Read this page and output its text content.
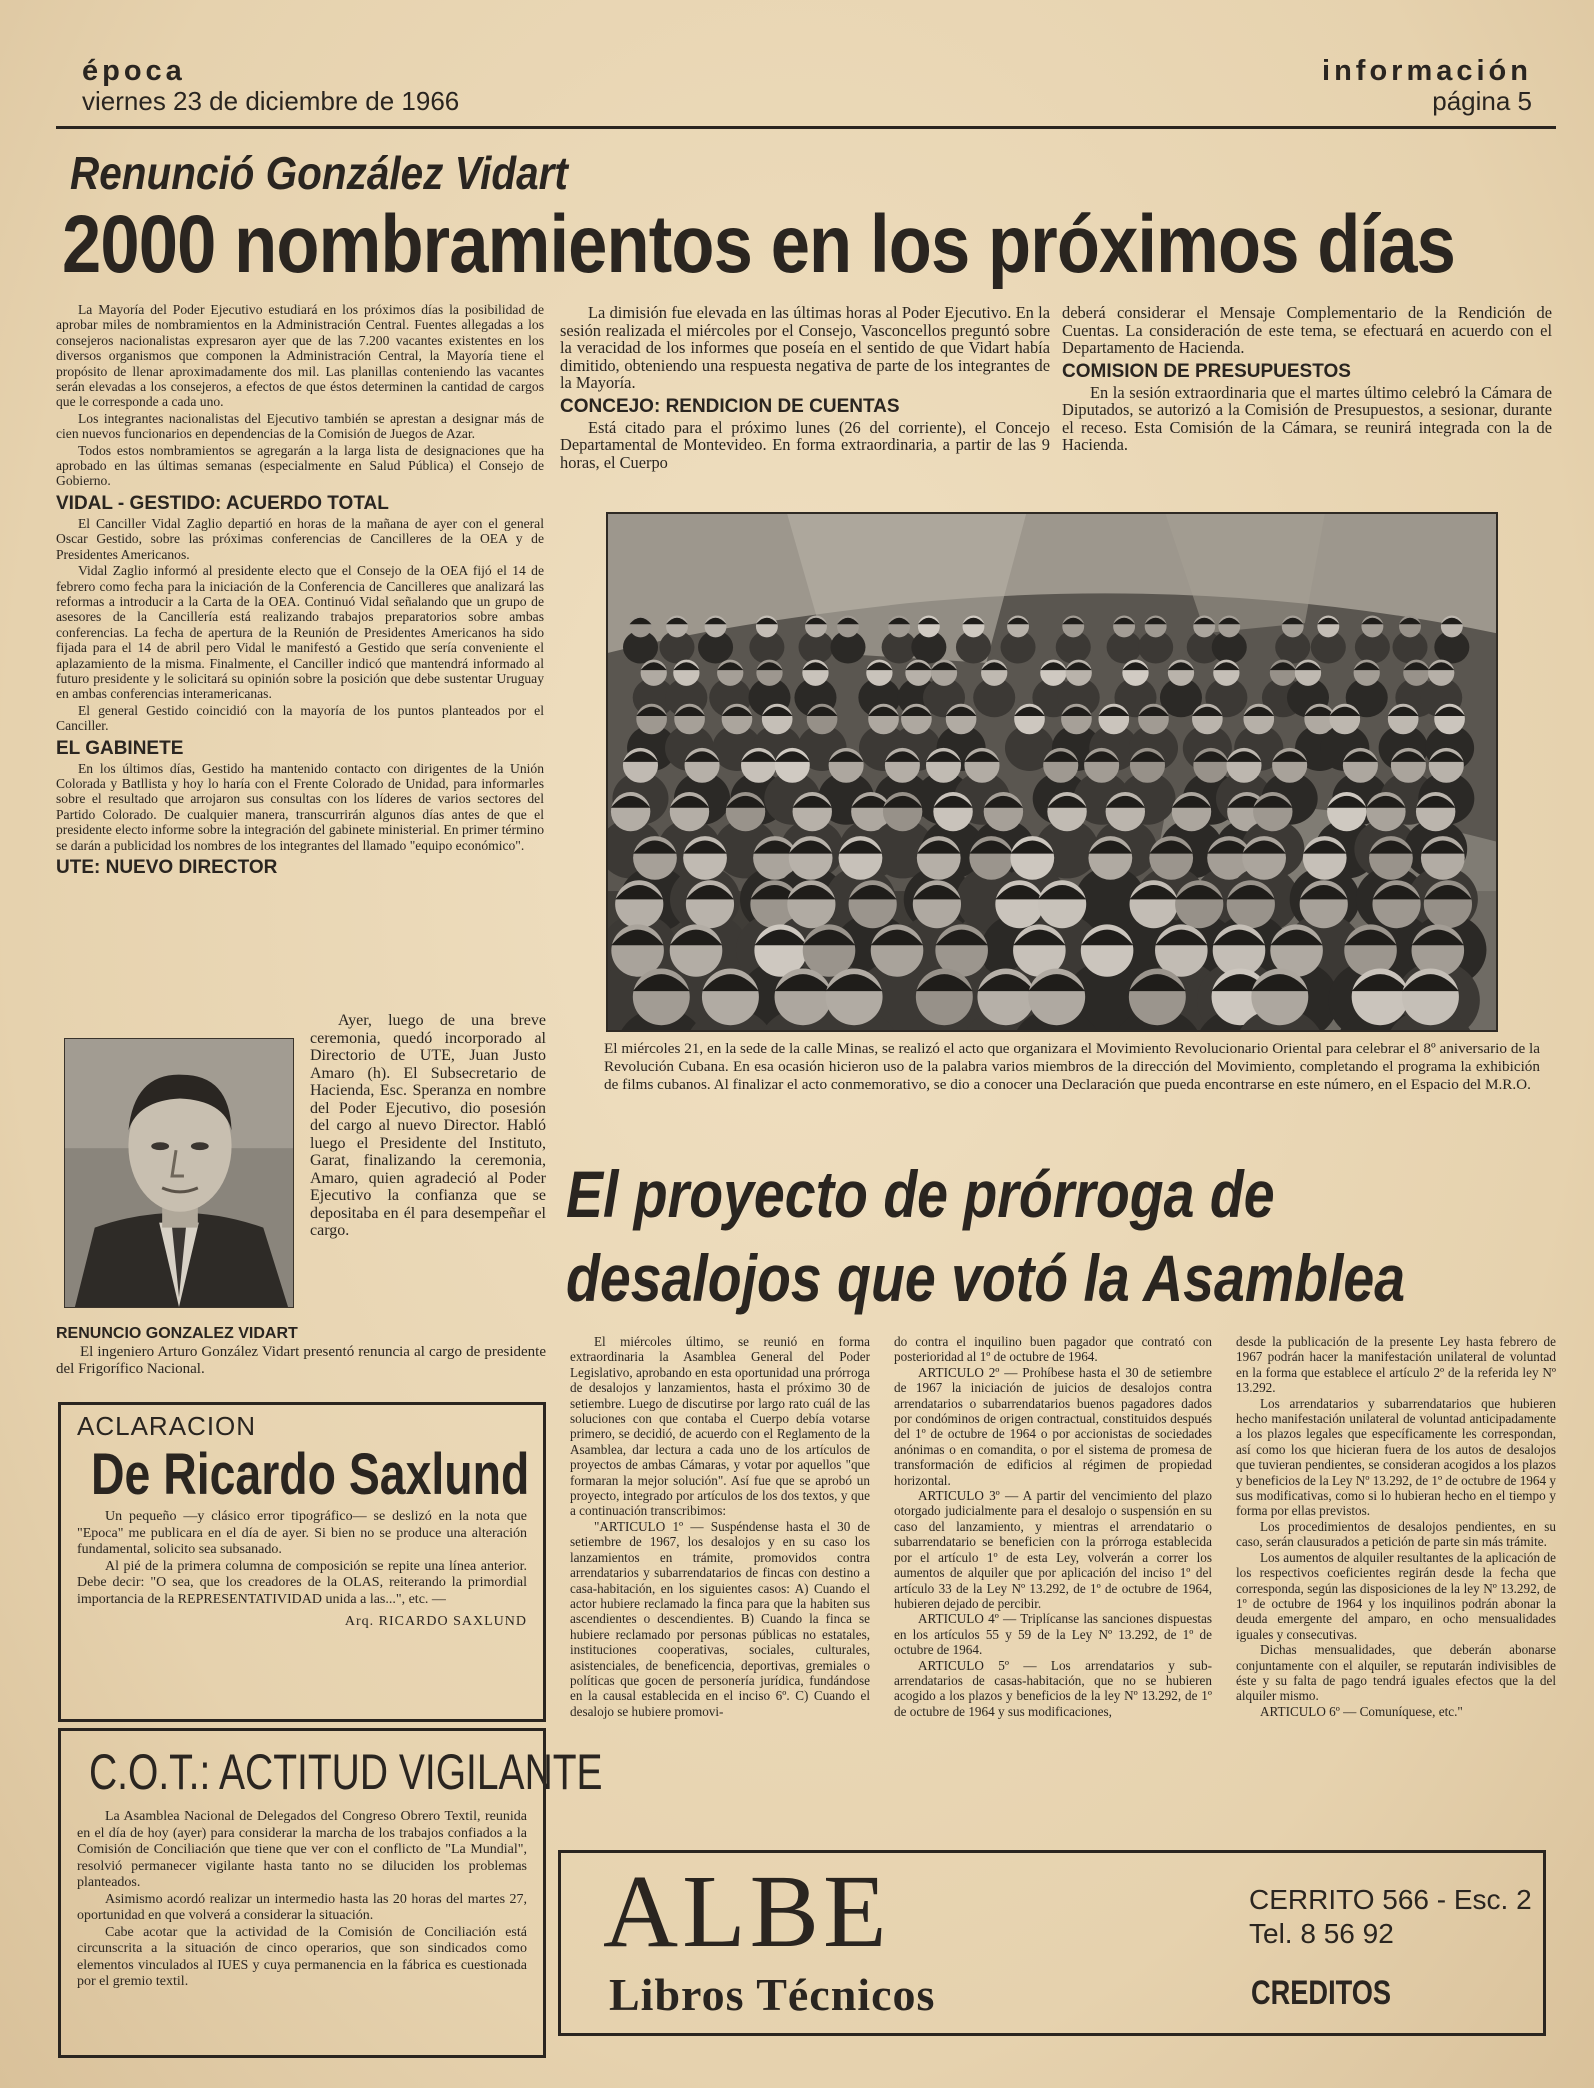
época
viernes 23 de diciembre de 1966
información
página 5
Renunció González Vidart
2000 nombramientos en los próximos días

La Mayoría del Poder Ejecutivo estudiará en los próximos días la posibilidad de aprobar miles de nombramientos en la Administración Central. Fuentes allegadas a los consejeros nacionalistas expresaron ayer que de las 7.200 vacantes existentes en los diversos organismos que componen la Administración Central, la Mayoría tiene el propósito de llenar aproximadamente dos mil. Las planillas conteniendo las vacantes serán elevadas a los consejeros, a efectos de que éstos determinen la cantidad de cargos que le corresponde a cada uno.

Los integrantes nacionalistas del Ejecutivo también se aprestan a designar más de cien nuevos funcionarios en dependencias de la Comisión de Juegos de Azar.

Todos estos nombramientos se agregarán a la larga lista de designaciones que ha aprobado en las últimas semanas (especialmente en Salud Pública) el Consejo de Gobierno.

VIDAL - GESTIDO: ACUERDO TOTAL

El Canciller Vidal Zaglio departió en horas de la mañana de ayer con el general Oscar Gestido, sobre las próximas conferencias de Cancilleres de la OEA y de Presidentes Americanos.

Vidal Zaglio informó al presidente electo que el Consejo de la OEA fijó el 14 de febrero como fecha para la iniciación de la Conferencia de Cancilleres que analizará las reformas a introducir a la Carta de la OEA. Continuó Vidal señalando que un grupo de asesores de la Cancillería está realizando trabajos preparatorios sobre ambas conferencias. La fecha de apertura de la Reunión de Presidentes Americanos ha sido fijada para el 14 de abril pero Vidal le manifestó a Gestido que sería conveniente el aplazamiento de la misma. Finalmente, el Canciller indicó que mantendrá informado al futuro presidente y le solicitará su opinión sobre la posición que debe sustentar Uruguay en ambas conferencias interamericanas.

El general Gestido coincidió con la mayoría de los puntos planteados por el Canciller.

EL GABINETE

En los últimos días, Gestido ha mantenido contacto con dirigentes de la Unión Colorada y Batllista y hoy lo haría con el Frente Colorado de Unidad, para informarles sobre el resultado que arrojaron sus consultas con los líderes de varios sectores del Partido Colorado. De cualquier manera, transcurrirán algunos días antes de que el presidente electo informe sobre la integración del gabinete ministerial. En primer término se darán a publicidad los nombres de los integrantes del llamado "equipo económico".

UTE: NUEVO DIRECTOR

Ayer, luego de una breve ceremonia, quedó incorporado al Directorio de UTE, Juan Justo Amaro (h). El Subsecretario de Hacienda, Esc. Speranza en nombre del Poder Ejecutivo, dio posesión del cargo al nuevo Director. Habló luego el Presidente del Instituto, Garat, finalizando la ceremonia, Amaro, quien agradeció al Poder Ejecutivo la confianza que se depositaba en él para desempeñar el cargo.

RENUNCIO GONZALEZ VIDART

El ingeniero Arturo González Vidart presentó renuncia al cargo de presidente del Frigorífico Nacional.

La dimisión fue elevada en las últimas horas al Poder Ejecutivo. En la sesión realizada el miércoles por el Consejo, Vasconcellos preguntó sobre la veracidad de los informes que poseía en el sentido de que Vidart había dimitido, obteniendo una respuesta negativa de parte de los integrantes de la Mayoría.

CONCEJO: RENDICION DE CUENTAS

Está citado para el próximo lunes (26 del corriente), el Concejo Departamental de Montevideo. En forma extraordinaria, a partir de las 9 horas, el Cuerpo

deberá considerar el Mensaje Complementario de la Rendición de Cuentas. La consideración de este tema, se efectuará en acuerdo con el Departamento de Hacienda.

COMISION DE PRESUPUESTOS

En la sesión extraordinaria que el martes último celebró la Cámara de Diputados, se autorizó a la Comisión de Presupuestos, a sesionar, durante el receso. Esta Comisión de la Cámara, se reunirá integrada con la de Hacienda.

El miércoles 21, en la sede de la calle Minas, se realizó el acto que organizara el Movimiento Revolucionario Oriental para celebrar el 8º aniversario de la Revolución Cubana. En esa ocasión hicieron uso de la palabra varios miembros de la dirección del Movimiento, completando el programa la exhibición de films cubanos. Al finalizar el acto conmemorativo, se dio a conocer una Declaración que pueda encontrarse en este número, en el Espacio del M.R.O.
ACLARACION
De Ricardo Saxlund

Un pequeño —y clásico error tipográfico— se deslizó en la nota que "Epoca" me publicara en el día de ayer. Si bien no se produce una alteración fundamental, solicito sea subsanado.

Al pié de la primera columna de composición se repite una línea anterior. Debe decir: "O sea, que los creadores de la OLAS, reiterando la primordial importancia de la REPRESENTATIVIDAD unida a las...", etc. —

Arq. RICARDO SAXLUND
C.O.T.: ACTITUD VIGILANTE

La Asamblea Nacional de Delegados del Congreso Obrero Textil, reunida en el día de hoy (ayer) para considerar la marcha de los trabajos confiados a la Comisión de Conciliación que tiene que ver con el conflicto de "La Mundial", resolvió permanecer vigilante hasta tanto no se diluciden los problemas planteados.

Asimismo acordó realizar un intermedio hasta las 20 horas del martes 27, oportunidad en que volverá a considerar la situación.

Cabe acotar que la actividad de la Comisión de Conciliación está circunscrita a la situación de cinco operarios, que son sindicados como elementos vinculados al IUES y cuya permanencia en la fábrica es cuestionada por el gremio textil.

El proyecto de prórroga de
desalojos que votó la Asamblea

El miércoles último, se reunió en forma extraordinaria la Asamblea General del Poder Legislativo, aprobando en esta oportunidad una prórroga de desalojos y lanzamientos, hasta el próximo 30 de setiembre. Luego de discutirse por largo rato cuál de las soluciones con que contaba el Cuerpo debía votarse primero, se decidió, de acuerdo con el Reglamento de la Asamblea, dar lectura a cada uno de los artículos de proyectos de ambas Cámaras, y votar por aquellos "que formaran la mejor solución". Así fue que se aprobó un proyecto, integrado por artículos de los dos textos, y que a continuación transcribimos:

"ARTICULO 1º — Suspéndense hasta el 30 de setiembre de 1967, los desalojos y en su caso los lanzamientos en trámite, promovidos contra arrendatarios y subarrendatarios de fincas con destino a casa-habitación, en los siguientes casos: A) Cuando el actor hubiere reclamado la finca para que la habiten sus ascendientes o descendientes. B) Cuando la finca se hubiere reclamado por personas públicas no estatales, instituciones cooperativas, sociales, culturales, asistenciales, de beneficencia, deportivas, gremiales o políticas que gocen de personería jurídica, fundándose en la causal establecida en el inciso 6º. C) Cuando el desalojo se hubiere promovi-

do contra el inquilino buen pagador que contrató con posterioridad al 1º de octubre de 1964.

ARTICULO 2º — Prohíbese hasta el 30 de setiembre de 1967 la iniciación de juicios de desalojos contra arrendatarios o subarrendatarios buenos pagadores dados por condóminos de origen contractual, constituidos después del 1º de octubre de 1964 o por accionistas de sociedades anónimas o en comandita, o por el sistema de promesa de transformación de edificios al régimen de propiedad horizontal.

ARTICULO 3º — A partir del vencimiento del plazo otorgado judicialmente para el desalojo o suspensión en su caso del lanzamiento, y mientras el arrendatario o subarrendatario se beneficien con la prórroga establecida por el artículo 1º de esta Ley, volverán a correr los aumentos de alquiler que por aplicación del inciso 1º del artículo 33 de la Ley Nº 13.292, de 1º de octubre de 1964, hubieren dejado de percibir.

ARTICULO 4º — Triplícanse las sanciones dispuestas en los artículos 55 y 59 de la Ley Nº 13.292, de 1º de octubre de 1964.

ARTICULO 5º — Los arrendatarios y sub-arrendatarios de casas-habitación, que no se hubieren acogido a los plazos y beneficios de la ley Nº 13.292, de 1º de octubre de 1964 y sus modificaciones,

desde la publicación de la presente Ley hasta febrero de 1967 podrán hacer la manifestación unilateral de voluntad en la forma que establece el artículo 2º de la referida ley Nº 13.292.

Los arrendatarios y subarrendatarios que hubieren hecho manifestación unilateral de voluntad anticipadamente a los plazos legales que específicamente les correspondan, así como los que hicieran fuera de los autos de desalojos que tuvieran pendientes, se consideran acogidos a los plazos y beneficios de la Ley Nº 13.292, de 1º de octubre de 1964 y sus modificativas, como si lo hubieran hecho en el tiempo y forma por ellas previstos.

Los procedimientos de desalojos pendientes, en su caso, serán clausurados a petición de parte sin más trámite.

Los aumentos de alquiler resultantes de la aplicación de los respectivos coeficientes regirán desde la fecha que corresponda, según las disposiciones de la ley Nº 13.292, de 1º de octubre de 1964 y los inquilinos podrán abonar la deuda emergente del amparo, en ocho mensualidades iguales y consecutivas.

Dichas mensualidades, que deberán abonarse conjuntamente con el alquiler, se reputarán indivisibles de éste y su falta de pago tendrá iguales efectos que la del alquiler mismo.

ARTICULO 6º — Comuníquese, etc."

ALBE
Libros Técnicos
CERRITO 566 - Esc. 2
Tel. 8 56 92
CREDITOS
